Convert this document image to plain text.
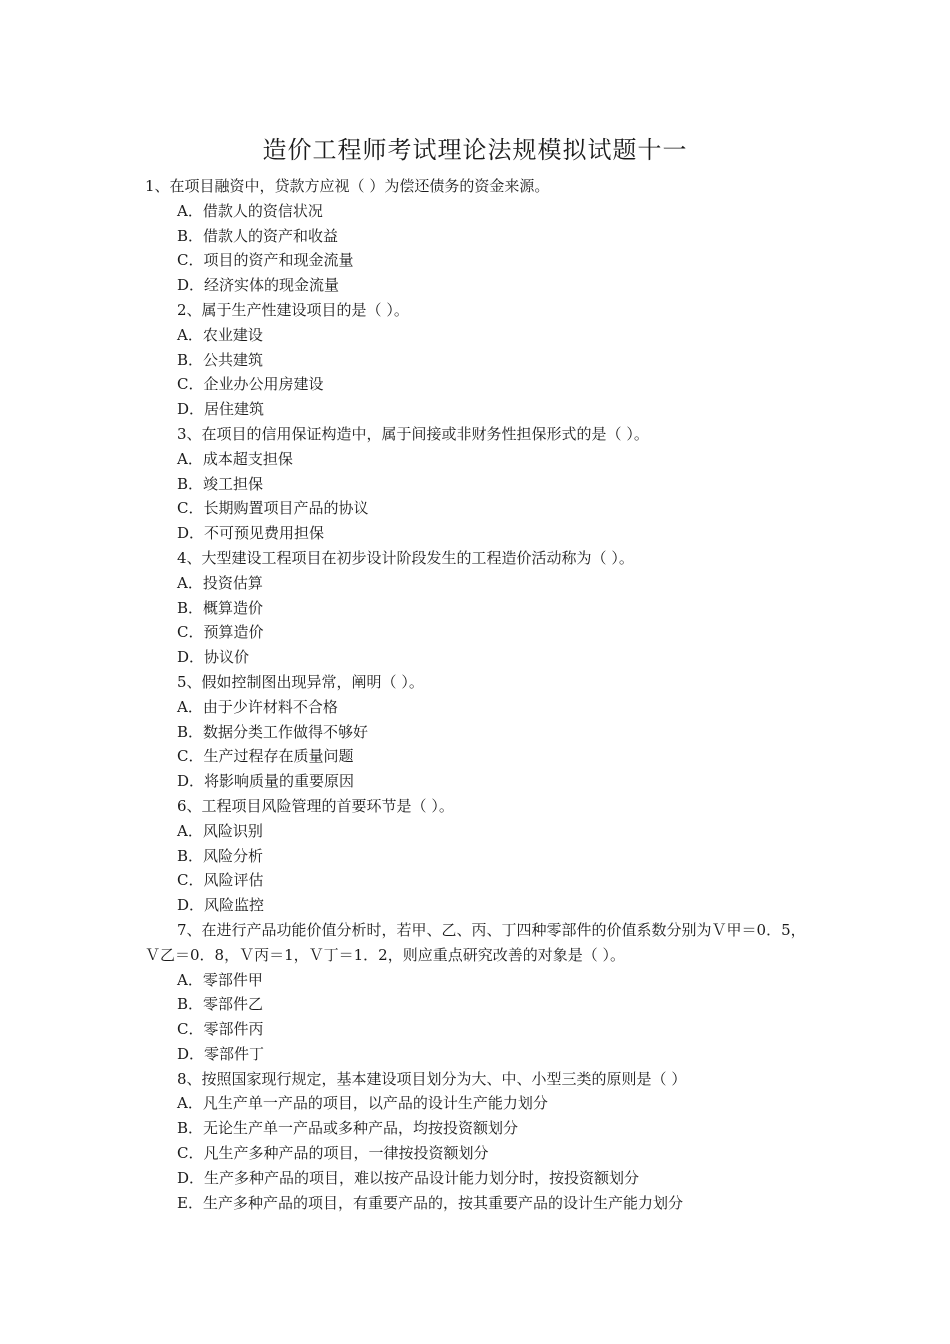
造价工程师考试理论法规模拟试题十一
1、在项目融资中，贷款方应视（ ）为偿还债务的资金来源。
A．借款人的资信状况
B．借款人的资产和收益
C．项目的资产和现金流量
D．经济实体的现金流量
2、属于生产性建设项目的是（ ）。
A．农业建设
B．公共建筑
C．企业办公用房建设
D．居住建筑
3、在项目的信用保证构造中，属于间接或非财务性担保形式的是（ ）。
A．成本超支担保
B．竣工担保
C．长期购置项目产品的协议
D．不可预见费用担保
4、大型建设工程项目在初步设计阶段发生的工程造价活动称为（ ）。
A．投资估算
B．概算造价
C．预算造价
D．协议价
5、假如控制图出现异常，阐明（ ）。
A．由于少许材料不合格
B．数据分类工作做得不够好
C．生产过程存在质量问题
D．将影响质量的重要原因
6、工程项目风险管理的首要环节是（ ）。
A．风险识别
B．风险分析
C．风险评估
D．风险监控
7、在进行产品功能价值分析时，若甲、乙、丙、丁四种零部件的价值系数分别为Ｖ甲＝0．5，Ｖ乙＝0．8，Ｖ丙＝1，Ｖ丁＝1．2，则应重点研究改善的对象是（ ）。
A．零部件甲
B．零部件乙
C．零部件丙
D．零部件丁
8、按照国家现行规定，基本建设项目划分为大、中、小型三类的原则是（ ）
A．凡生产单一产品的项目，以产品的设计生产能力划分
B．无论生产单一产品或多种产品，均按投资额划分
C．凡生产多种产品的项目，一律按投资额划分
D．生产多种产品的项目，难以按产品设计能力划分时，按投资额划分
E．生产多种产品的项目，有重要产品的，按其重要产品的设计生产能力划分
